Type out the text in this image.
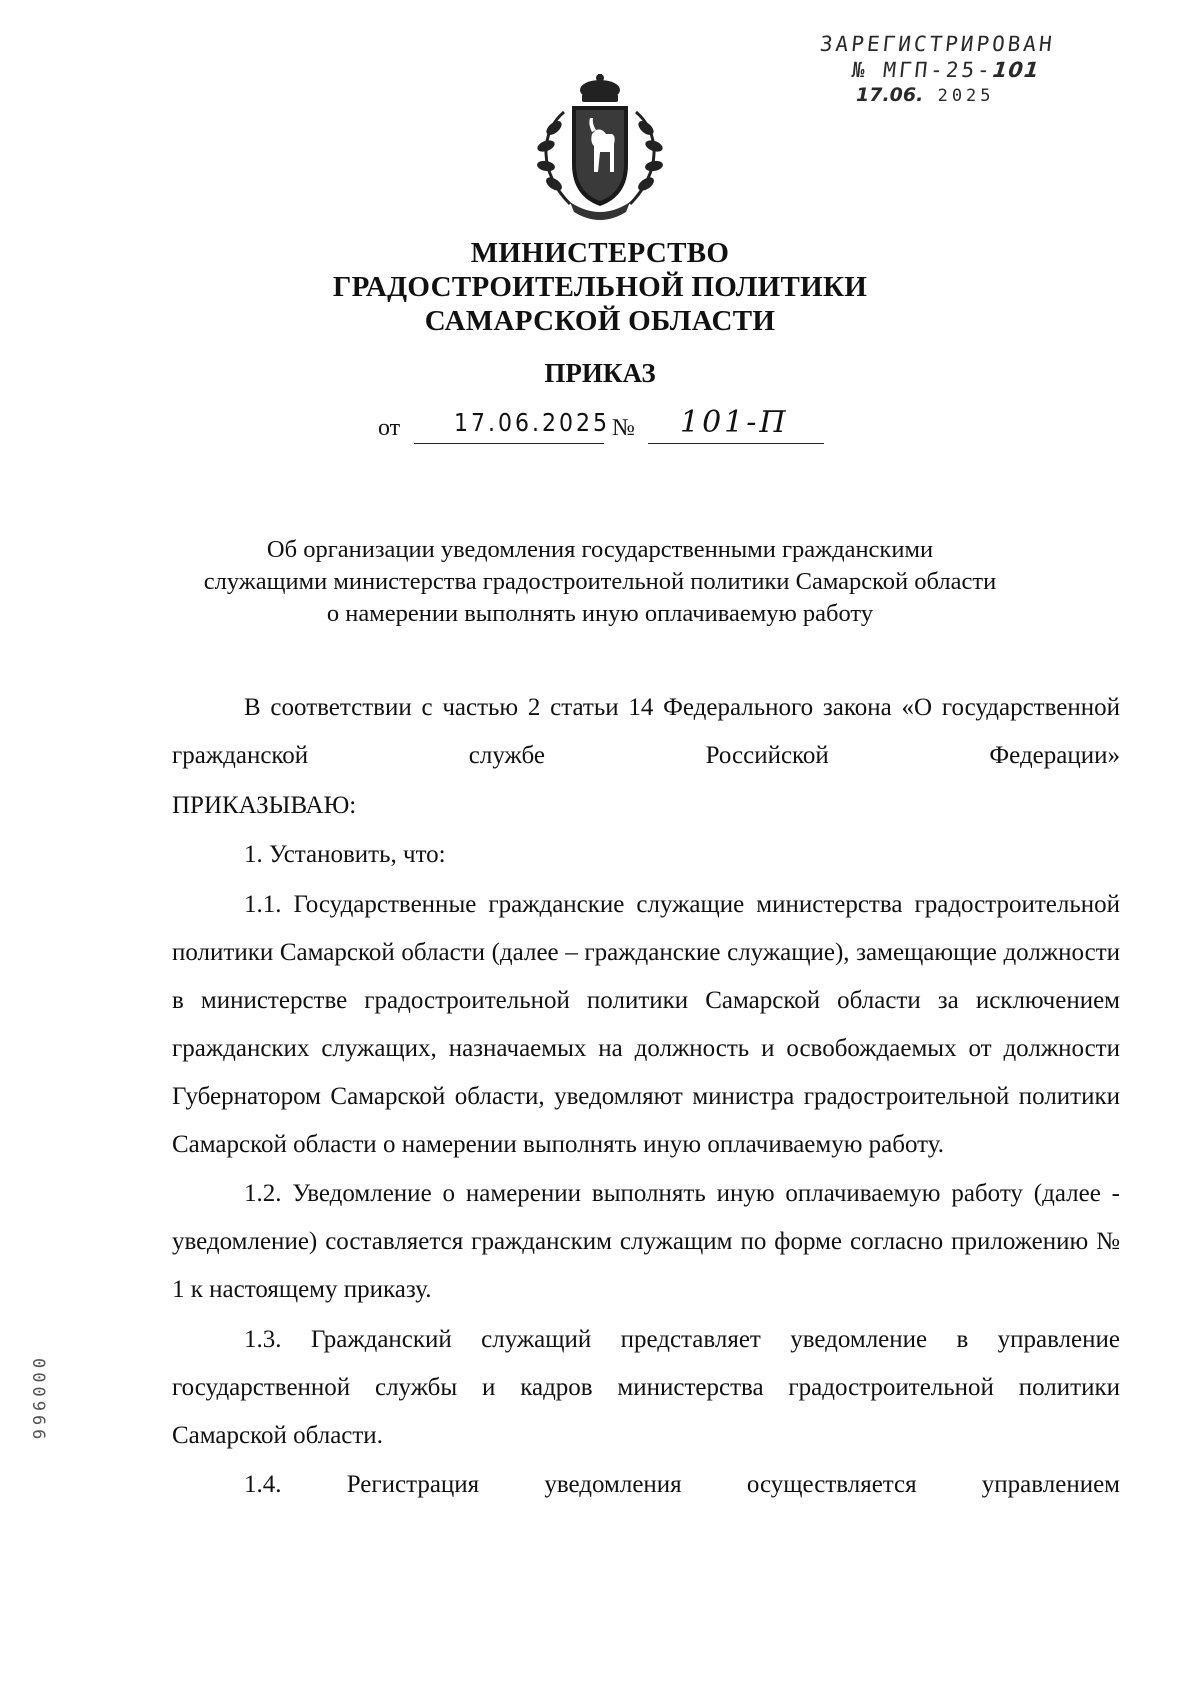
ЗАРЕГИСТРИРОВАН
№ МГП-25-101
17.06. 2025
МИНИСТЕРСТВО
ГРАДОСТРОИТЕЛЬНОЙ ПОЛИТИКИ
САМАРСКОЙ ОБЛАСТИ
ПРИКАЗ
от 17.06.2025 № 101-П
Об организации уведомления государственными гражданскими
служащими министерства градостроительной политики Самарской области
о намерении выполнять иную оплачиваемую работу

В соответствии с частью 2 статьи 14 Федерального закона «О государственной гражданской службе Российской Федерации»

ПРИКАЗЫВАЮ:

1. Установить, что:

1.1. Государственные гражданские служащие министерства градостроительной политики Самарской области (далее – гражданские служащие), замещающие должности в министерстве градостроительной политики Самарской области за исключением гражданских служащих, назначаемых на должность и освобождаемых от должности Губернатором Самарской области, уведомляют министра градостроительной политики Самарской области о намерении выполнять иную оплачиваемую работу.

1.2. Уведомление о намерении выполнять иную оплачиваемую работу (далее - уведомление) составляется гражданским служащим по форме согласно приложению № 1 к настоящему приказу.

1.3. Гражданский служащий представляет уведомление в управление государственной службы и кадров министерства градостроительной политики Самарской области.

1.4. Регистрация уведомления осуществляется управлением

000966
